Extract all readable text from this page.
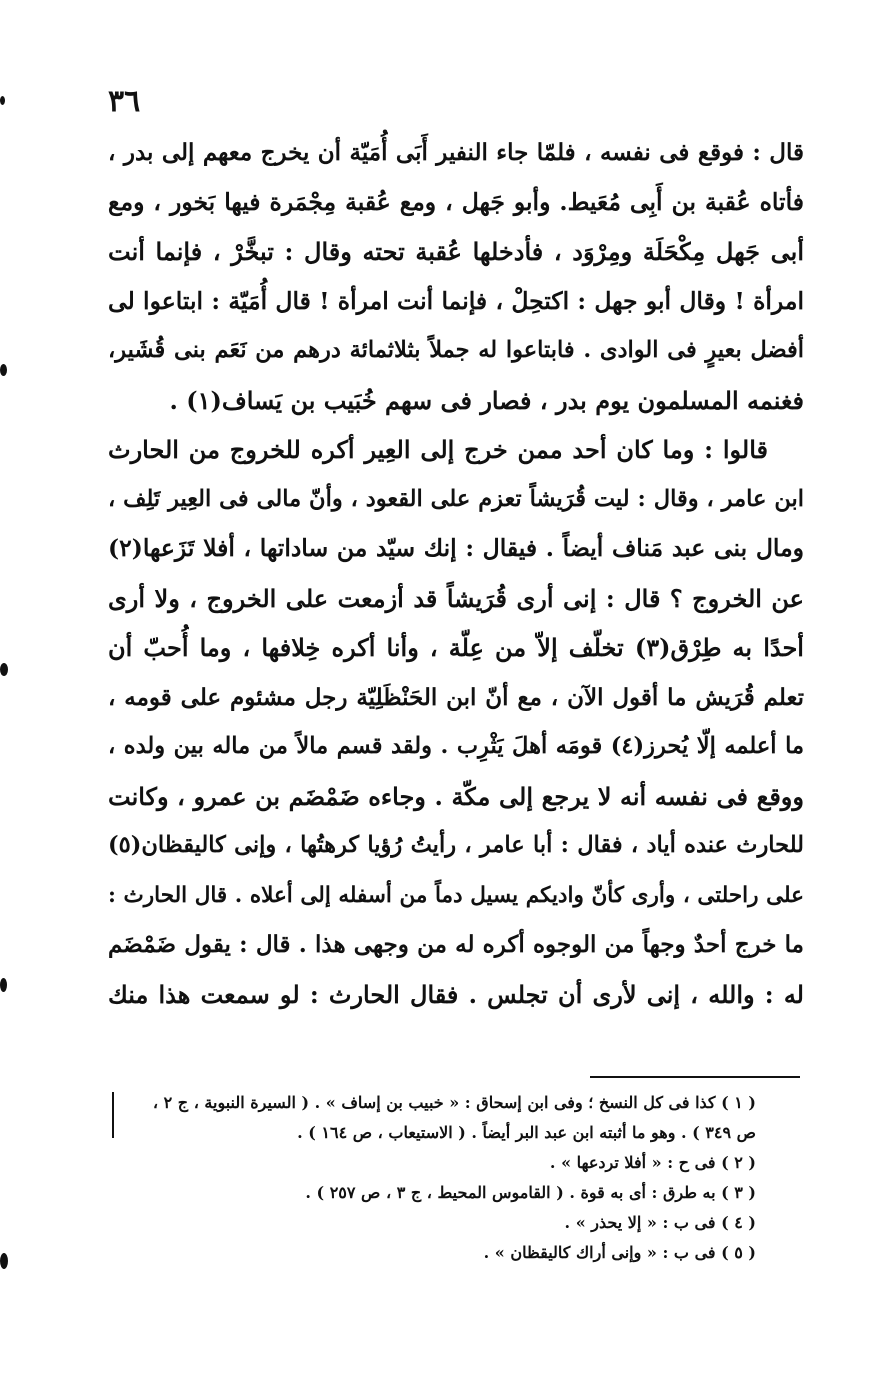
٣٦
قال : فوقع فى نفسه ، فلمّا جاء النفير أَبَى أُمَيّة أن يخرج معهم إلى بدر ،
فأتاه عُقبة بن أَبِى مُعَيط. وأبو جَهل ، ومع عُقبة مِجْمَرة فيها بَخور ، ومع
أبى جَهل مِكْحَلَة ومِرْوَد ، فأدخلها عُقبة تحته وقال : تبخَّرْ ، فإنما أنت
امرأة ! وقال أبو جهل : اكتحِلْ ، فإنما أنت امرأة ! قال أُمَيّة : ابتاعوا لى
أفضل بعيرٍ فى الوادى . فابتاعوا له جملاً بثلاثمائة درهم من نَعَم بنى قُشَير،
فغنمه المسلمون يوم بدر ، فصار فى سهم خُبَيب بن يَساف(١) .
قالوا : وما كان أحد ممن خرج إلى العِير أكره للخروج من الحارث
ابن عامر ، وقال : ليت قُرَيشاً تعزم على القعود ، وأنّ مالى فى العِير تَلِف ،
ومال بنى عبد مَناف أيضاً . فيقال : إنك سيّد من ساداتها ، أفلا تَزَعها(٢)
عن الخروج ؟ قال : إنى أرى قُرَيشاً قد أزمعت على الخروج ، ولا أرى
أحدًا به طِرْق(٣) تخلّف إلاّ من عِلّة ، وأنا أكره خِلافها ، وما أُحبّ أن
تعلم قُرَيش ما أقول الآن ، مع أنّ ابن الحَنْظَلِيّة رجل مشئوم على قومه ،
ما أعلمه إلّا يُحرز(٤) قومَه أهلَ يَثْرِب . ولقد قسم مالاً من ماله بين ولده ،
ووقع فى نفسه أنه لا يرجع إلى مكّة . وجاءه ضَمْضَم بن عمرو ، وكانت
للحارث عنده أياد ، فقال : أبا عامر ، رأيتُ رُؤيا كرهتُها ، وإنى كاليقظان(٥)
على راحلتى ، وأرى كأنّ واديكم يسيل دماً من أسفله إلى أعلاه . قال الحارث :
ما خرج أحدٌ وجهاً من الوجوه أكره له من وجهى هذا . قال : يقول ضَمْضَم
له : والله ، إنى لأرى أن تجلس . فقال الحارث : لو سمعت هذا منك
( ١ ) كذا فى كل النسخ ؛ وفى ابن إسحاق : « خبيب بن إساف » . ( السيرة النبوية ، ج ٢ ،
ص ٣٤٩ ) . وهو ما أثبته ابن عبد البر أيضاً . ( الاستيعاب ، ص ١٦٤ ) .
( ٢ ) فى ح : « أفلا تردعها » .
( ٣ ) به طرق : أى به قوة . ( القاموس المحيط ، ج ٣ ، ص ٢٥٧ ) .
( ٤ ) فى ب : « إلا يحذر » .
( ٥ ) فى ب : « وإنى أراك كاليقظان » .
